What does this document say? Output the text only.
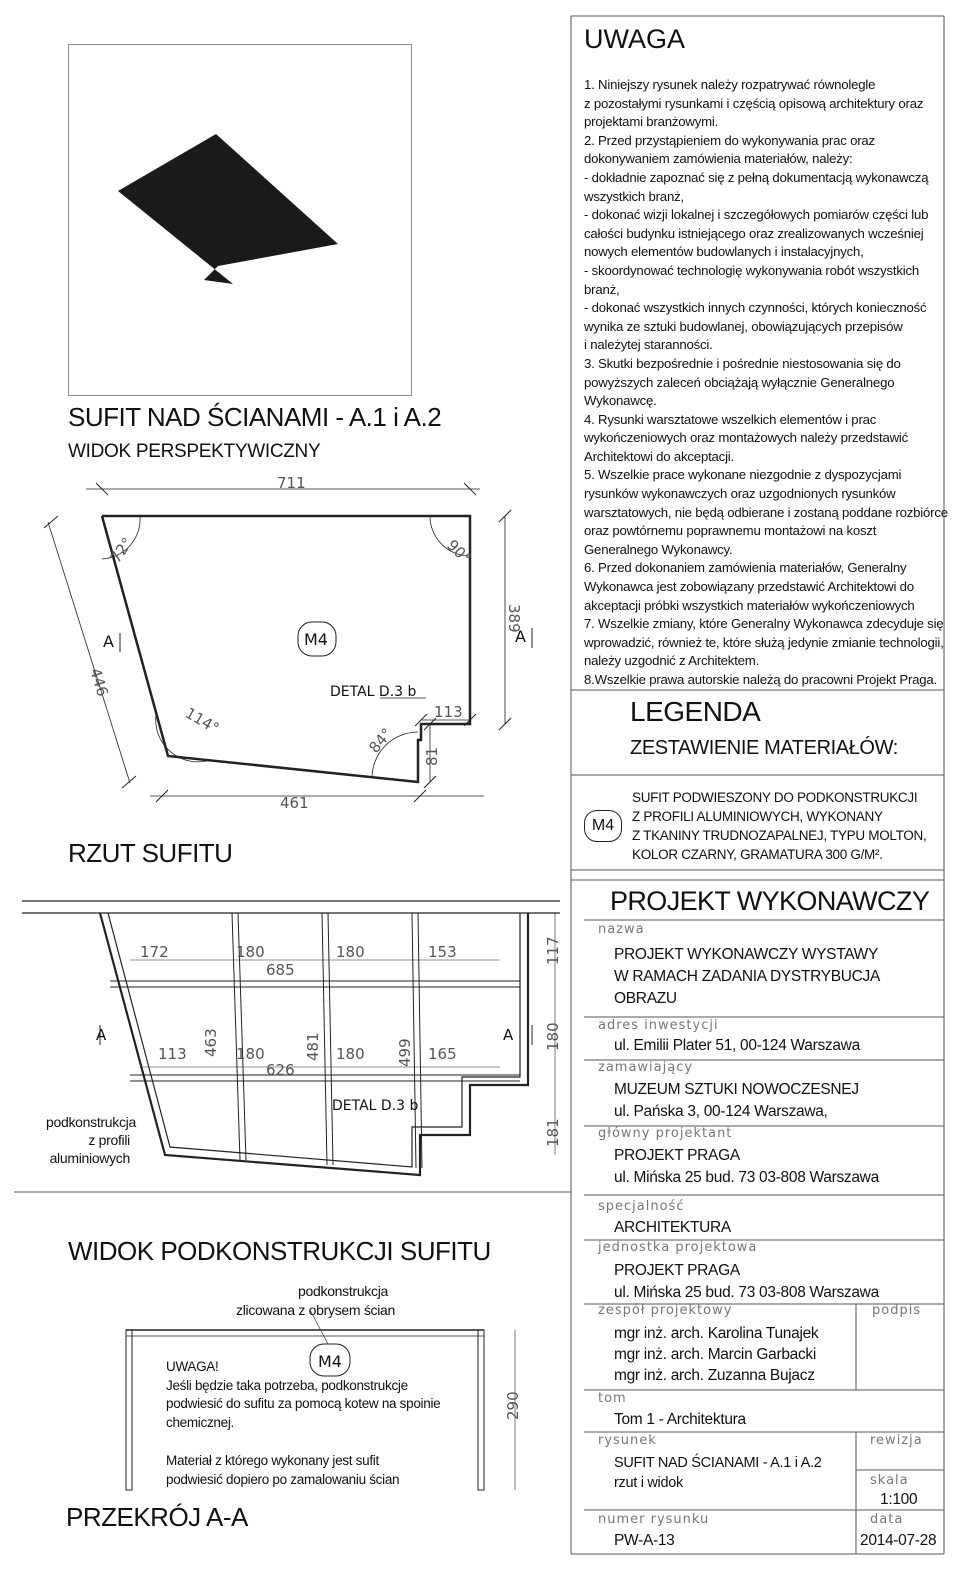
SUFIT NAD ŚCIANAMI - A.1 i A.2
WIDOK PERSPEKTYWICZNY
711
446
389
461
113
81
72°	90°
114°
84°
A	A
M4
DETAL D.3 b
RZUT SUFITU
172	180	180	153
685
113	180	180	165
626
463	481	499
117
180
181
A	A
DETAL D.3 b
podkonstrukcja
z profili
aluminiowych
WIDOK PODKONSTRUKCJI SUFITU
podkonstrukcja
zlicowana z obrysem ścian
M4
290
UWAGA!
Jeśli będzie taka potrzeba, podkonstrukcje
podwiesić do sufitu za pomocą kotew na spoinie
chemicznej.
Materiał z którego wykonany jest sufit
podwiesić dopiero po zamalowaniu ścian
PRZEKRÓJ A-A
UWAGA
1. Niniejszy rysunek należy rozpatrywać równolegle
z pozostałymi rysunkami i częścią opisową architektury oraz
projektami branżowymi.
2. Przed przystąpieniem do wykonywania prac oraz
dokonywaniem zamówienia materiałów, należy:
- dokładnie zapoznać się z pełną dokumentacją wykonawczą
wszystkich branż,
- dokonać wizji lokalnej i szczegółowych pomiarów części lub
całości budynku istniejącego oraz zrealizowanych wcześniej
nowych elementów budowlanych i instalacyjnych,
- skoordynować technologię wykonywania robót wszystkich
branż,
- dokonać wszystkich innych czynności, których konieczność
wynika ze sztuki budowlanej, obowiązujących przepisów
i należytej staranności.
3. Skutki bezpośrednie i pośrednie niestosowania się do
powyższych zaleceń obciążają wyłącznie Generalnego
Wykonawcę.
4. Rysunki warsztatowe wszelkich elementów i prac
wykończeniowych oraz montażowych należy przedstawić
Architektowi do akceptacji.
5. Wszelkie prace wykonane niezgodnie z dyspozycjami
rysunków wykonawczych oraz uzgodnionych rysunków
warsztatowych, nie będą odbierane i zostaną poddane rozbiórce
oraz powtórnemu poprawnemu montażowi na koszt
Generalnego Wykonawcy.
6. Przed dokonaniem zamówienia materiałów, Generalny
Wykonawca jest zobowiązany przedstawić Architektowi do
akceptacji próbki wszystkich materiałów wykończeniowych
7. Wszelkie zmiany, które Generalny Wykonawca zdecyduje się
wprowadzić, również te, które służą jedynie zmianie technologii,
należy uzgodnić z Architektem.
8.Wszelkie prawa autorskie należą do pracowni Projekt Praga.
LEGENDA
ZESTAWIENIE MATERIAŁÓW:
M4
SUFIT PODWIESZONY DO PODKONSTRUKCJI
Z PROFILI ALUMINIOWYCH, WYKONANY
Z TKANINY TRUDNOZAPALNEJ, TYPU MOLTON,
KOLOR CZARNY, GRAMATURA 300 G/M².
PROJEKT WYKONAWCZY
nazwa
PROJEKT WYKONAWCZY WYSTAWY
W RAMACH ZADANIA DYSTRYBUCJA
OBRAZU
adres inwestycji
ul. Emilii Plater 51, 00-124 Warszawa
zamawiający
MUZEUM SZTUKI NOWOCZESNEJ
ul. Pańska 3, 00-124 Warszawa,
główny projektant
PROJEKT PRAGA
ul. Mińska 25 bud. 73 03-808 Warszawa
specjalność
ARCHITEKTURA
jednostka projektowa
PROJEKT PRAGA
ul. Mińska 25 bud. 73 03-808 Warszawa
zespół projektowy	podpis
mgr inż. arch. Karolina Tunajek
mgr inż. arch. Marcin Garbacki
mgr inż. arch. Zuzanna Bujacz
tom
Tom 1 - Architektura
rysunek	rewizja
SUFIT NAD ŚCIANAMI - A.1 i A.2
rzut i widok	skala
1:100
numer rysunku
PW-A-13
data
2014-07-28
